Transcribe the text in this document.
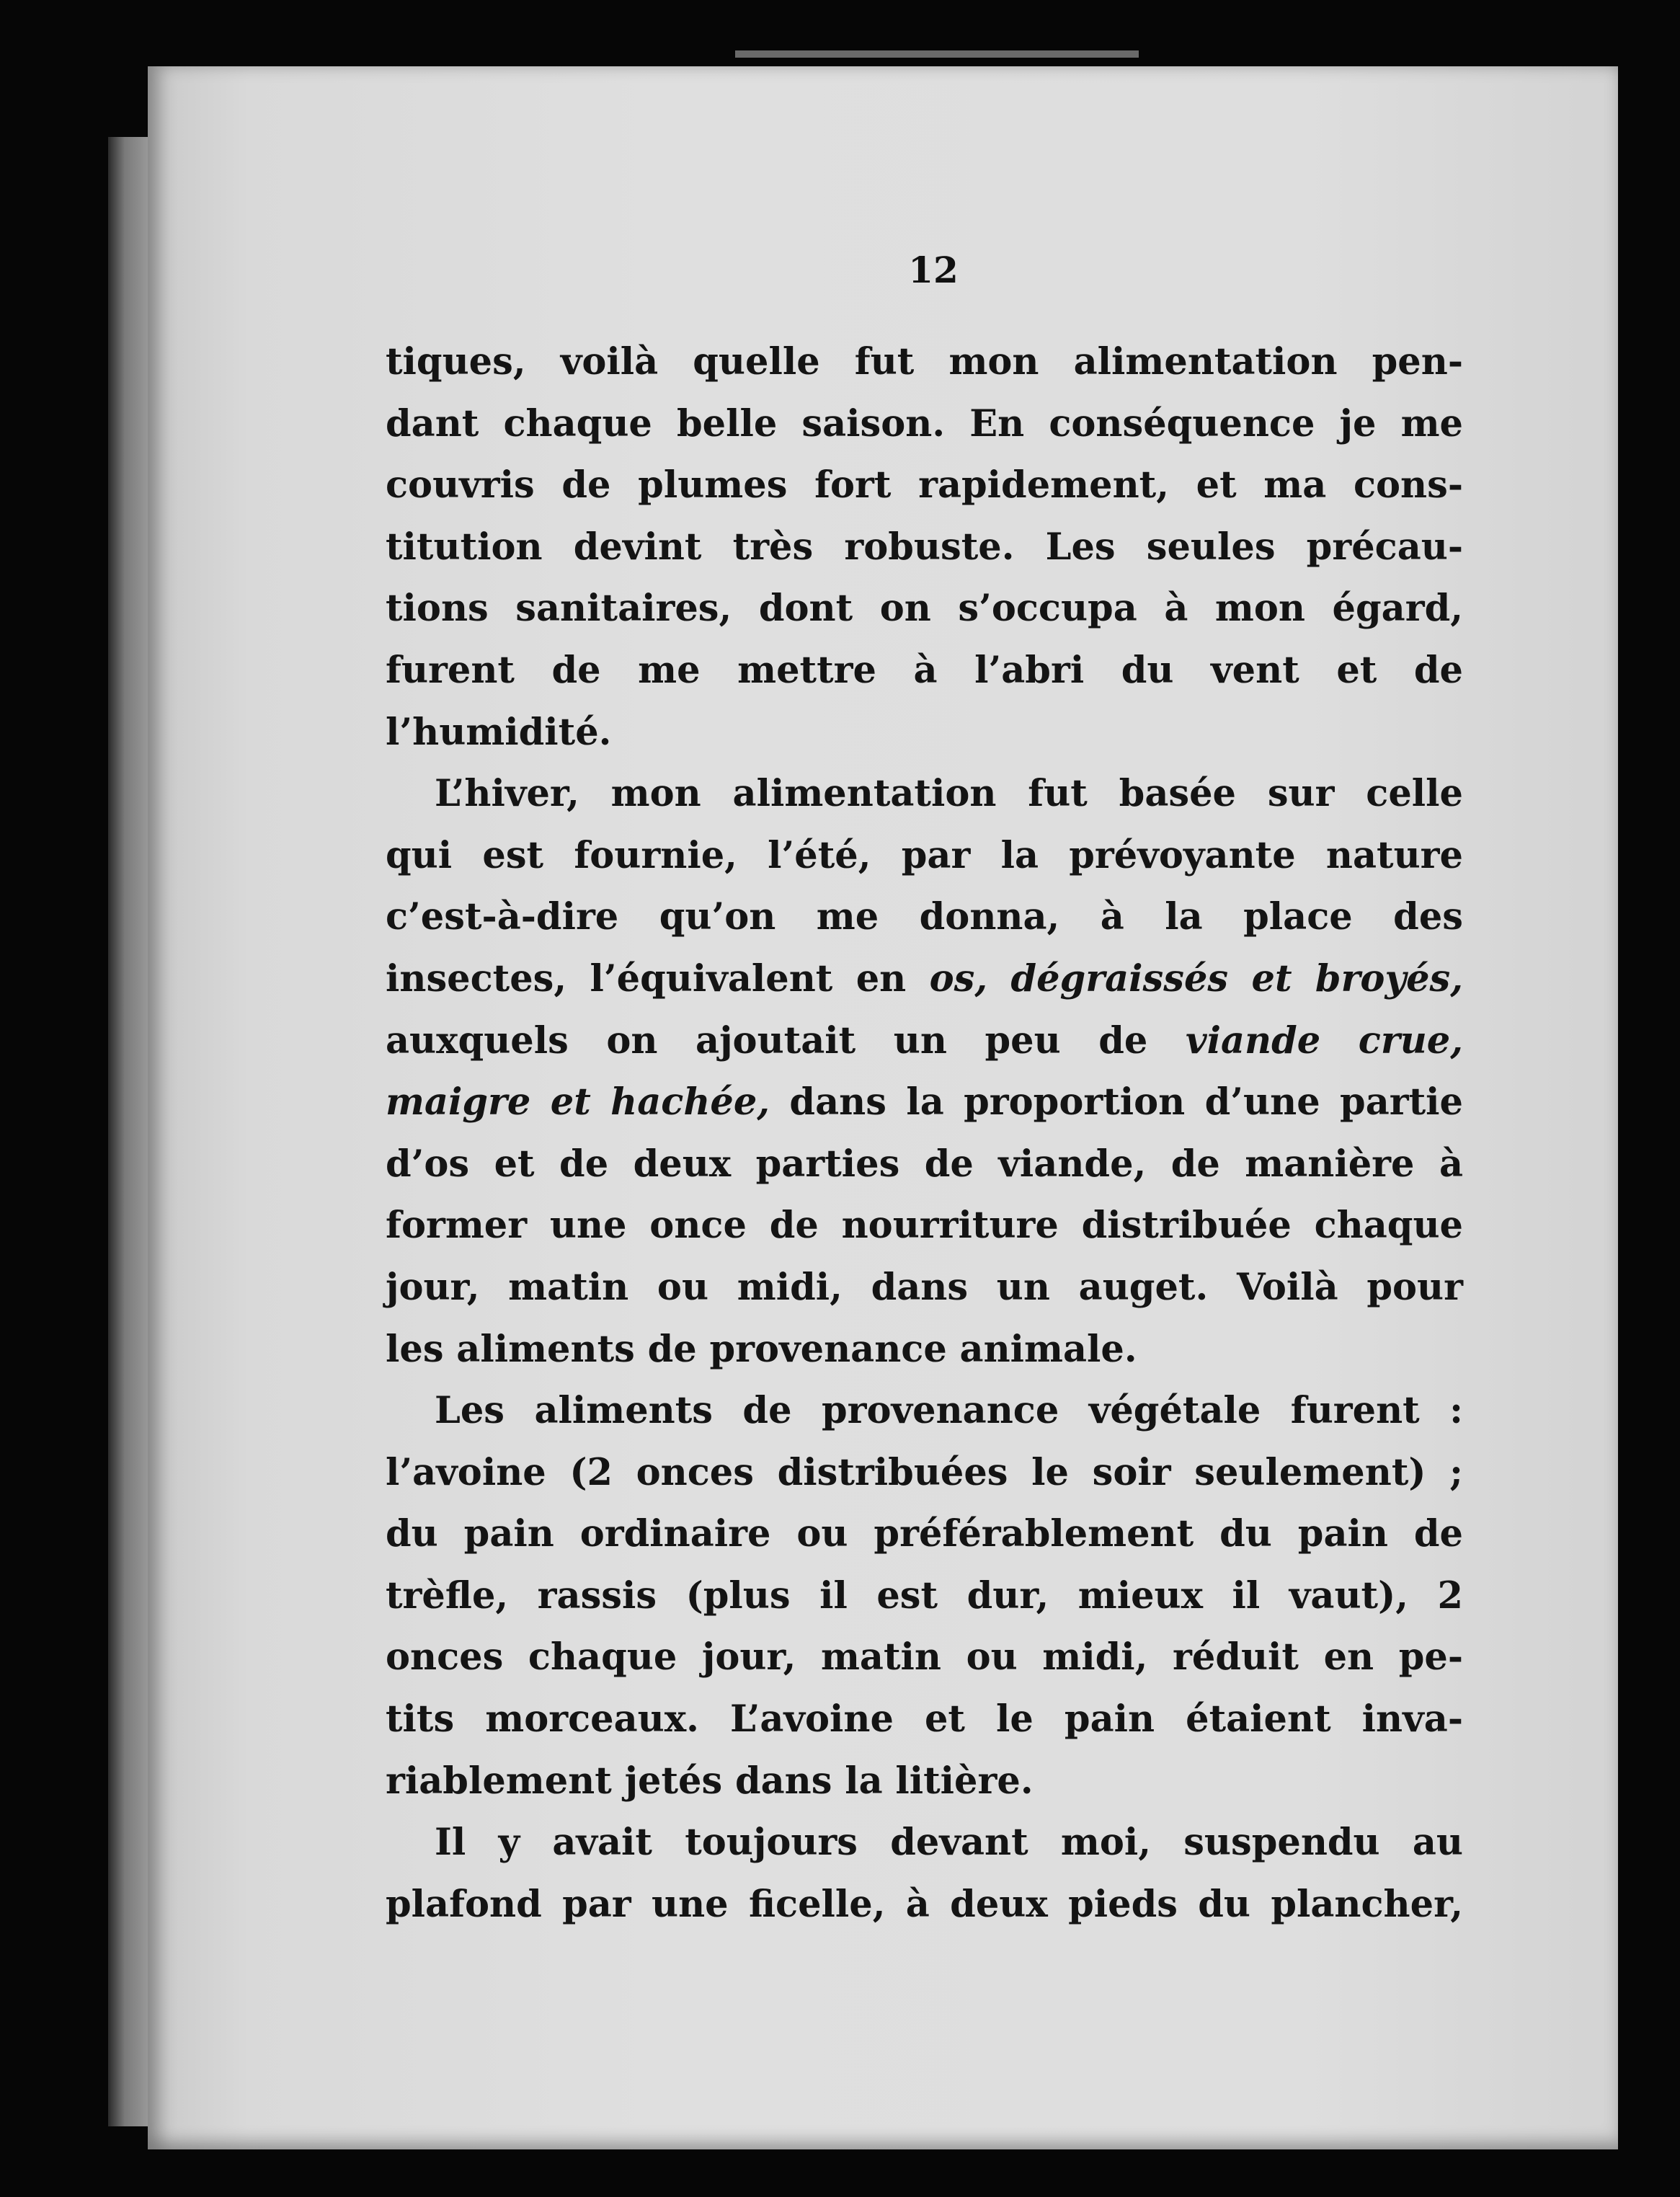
12
tiques, voilà quelle fut mon alimentation pen-
dant chaque belle saison. En conséquence je me
couvris de plumes fort rapidement, et ma cons-
titution devint très robuste. Les seules précau-
tions sanitaires, dont on s’occupa à mon égard,
furent de me mettre à l’abri du vent et de
l’humidité.
L’hiver, mon alimentation fut basée sur celle
qui est fournie, l’été, par la prévoyante nature
c’est-à-dire qu’on me donna, à la place des
insectes, l’équivalent en os, dégraissés et broyés,
auxquels on ajoutait un peu de viande crue,
maigre et hachée, dans la proportion d’une partie
d’os et de deux parties de viande, de manière à
former une once de nourriture distribuée chaque
jour, matin ou midi, dans un auget. Voilà pour
les aliments de provenance animale.
Les aliments de provenance végétale furent :
l’avoine (2 onces distribuées le soir seulement) ;
du pain ordinaire ou préférablement du pain de
trèfle, rassis (plus il est dur, mieux il vaut), 2
onces chaque jour, matin ou midi, réduit en pe-
tits morceaux. L’avoine et le pain étaient inva-
riablement jetés dans la litière.
Il y avait toujours devant moi, suspendu au
plafond par une ficelle, à deux pieds du plancher,
